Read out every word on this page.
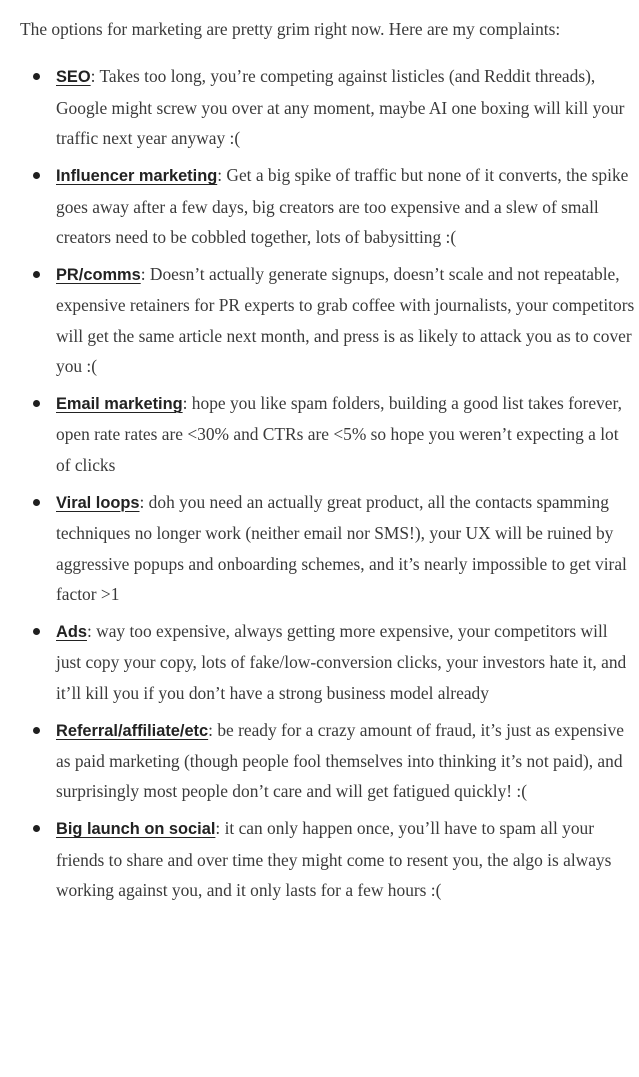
The options for marketing are pretty grim right now. Here are my complaints:

SEO: Takes too long, you’re competing against listicles (and Reddit threads), Google might screw you over at any moment, maybe AI one boxing will kill your traffic next year anyway :(
Influencer marketing: Get a big spike of traffic but none of it converts, the spike goes away after a few days, big creators are too expensive and a slew of small creators need to be cobbled together, lots of babysitting :(
PR/comms: Doesn’t actually generate signups, doesn’t scale and not repeatable, expensive retainers for PR experts to grab coffee with journalists, your competitors will get the same article next month, and press is as likely to attack you as to cover you :(
Email marketing: hope you like spam folders, building a good list takes forever, open rate rates are <30% and CTRs are <5% so hope you weren’t expecting a lot of clicks
Viral loops: doh you need an actually great product, all the contacts spamming techniques no longer work (neither email nor SMS!), your UX will be ruined by aggressive popups and onboarding schemes, and it’s nearly impossible to get viral factor >1
Ads: way too expensive, always getting more expensive, your competitors will just copy your copy, lots of fake/low-conversion clicks, your investors hate it, and it’ll kill you if you don’t have a strong business model already
Referral/affiliate/etc: be ready for a crazy amount of fraud, it’s just as expensive as paid marketing (though people fool themselves into thinking it’s not paid), and surprisingly most people don’t care and will get fatigued quickly! :(
Big launch on social: it can only happen once, you’ll have to spam all your friends to share and over time they might come to resent you, the algo is always working against you, and it only lasts for a few hours :(
